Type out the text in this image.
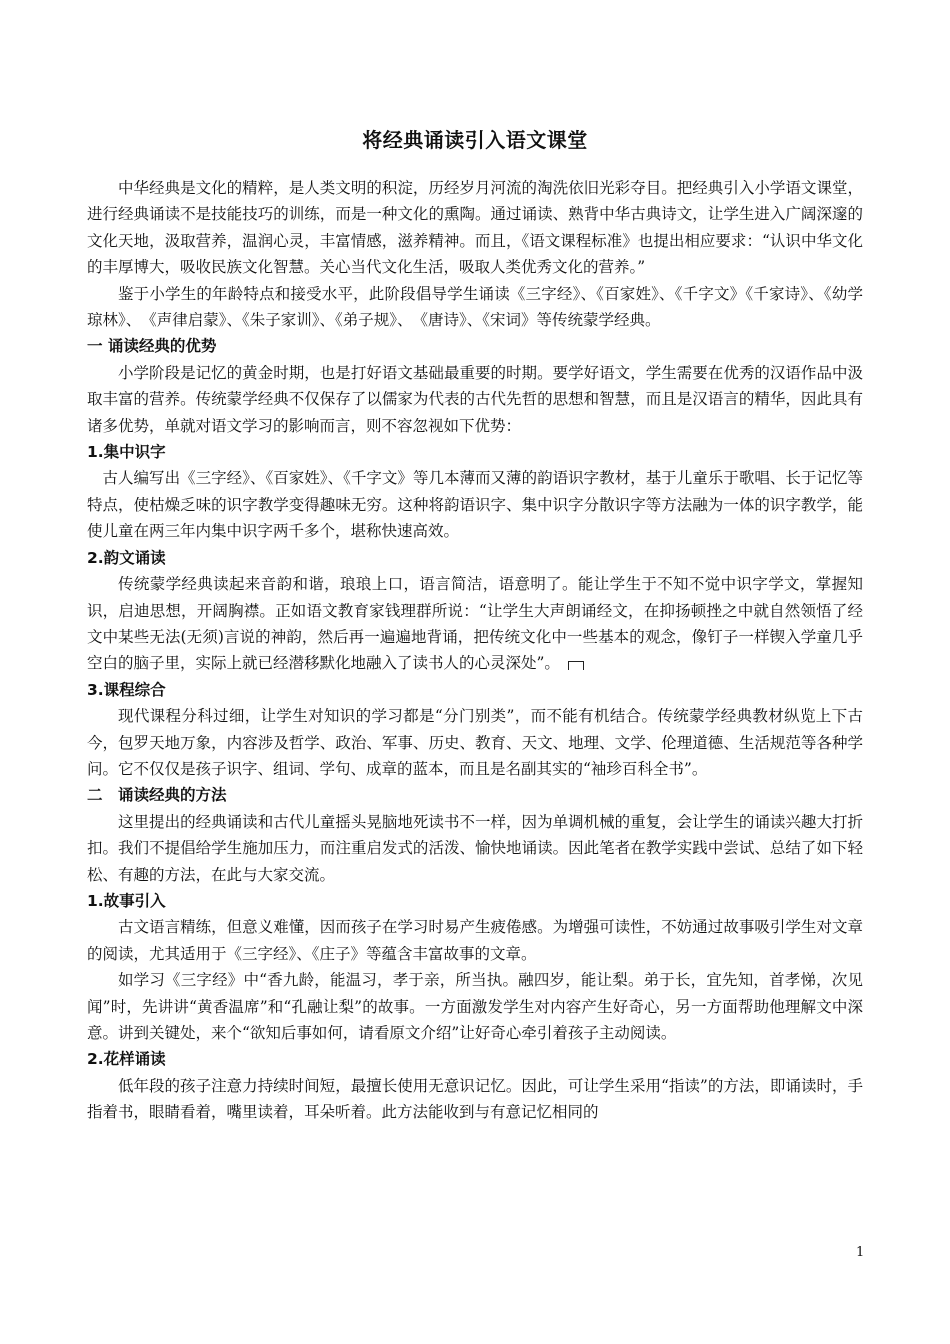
将经典诵读引入语文课堂

中华经典是文化的精粹，是人类文明的积淀，历经岁月河流的淘洗依旧光彩夺目。把经典引入小学语文课堂，进行经典诵读不是技能技巧的训练，而是一种文化的熏陶。通过诵读、熟背中华古典诗文，让学生进入广阔深邃的文化天地，汲取营养，温润心灵，丰富情感，滋养精神。而且，《语文课程标准》也提出相应要求：“认识中华文化的丰厚博大，吸收民族文化智慧。关心当代文化生活，吸取人类优秀文化的营养。”

鉴于小学生的年龄特点和接受水平，此阶段倡导学生诵读《三字经》、《百家姓》、《千字文》《千家诗》、《幼学琼林》、　《声律启蒙》、《朱子家训》、《弟子规》、　《唐诗》、《宋词》等传统蒙学经典。

一 诵读经典的优势

小学阶段是记忆的黄金时期，也是打好语文基础最重要的时期。要学好语文，学生需要在优秀的汉语作品中汲取丰富的营养。传统蒙学经典不仅保存了以儒家为代表的古代先哲的思想和智慧，而且是汉语言的精华，因此具有诸多优势，单就对语文学习的影响而言，则不容忽视如下优势：

1.集中识字

古人编写出《三字经》、《百家姓》、《千字文》等几本薄而又薄的韵语识字教材，基于儿童乐于歌唱、长于记忆等特点，使枯燥乏味的识字教学变得趣味无穷。这种将韵语识字、集中识字分散识字等方法融为一体的识字教学，能使儿童在两三年内集中识字两千多个，堪称快速高效。

2.韵文诵读

传统蒙学经典读起来音韵和谐，琅琅上口，语言简洁，语意明了。能让学生于不知不觉中识字学文，掌握知识，启迪思想，开阔胸襟。正如语文教育家钱理群所说：“让学生大声朗诵经文，在抑扬顿挫之中就自然领悟了经文中某些无法(无须)言说的神韵，然后再一遍遍地背诵，把传统文化中一些基本的观念，像钉子一样锲入学童几乎空白的脑子里，实际上就已经潜移默化地融入了读书人的心灵深处”。

3.课程综合

现代课程分科过细，让学生对知识的学习都是“分门别类”，而不能有机结合。传统蒙学经典教材纵览上下古今，包罗天地万象，内容涉及哲学、政治、军事、历史、教育、天文、地理、文学、伦理道德、生活规范等各种学问。它不仅仅是孩子识字、组词、学句、成章的蓝本，而且是名副其实的“袖珍百科全书”。

二　诵读经典的方法

这里提出的经典诵读和古代儿童摇头晃脑地死读书不一样，因为单调机械的重复，会让学生的诵读兴趣大打折扣。我们不提倡给学生施加压力，而注重启发式的活泼、愉快地诵读。因此笔者在教学实践中尝试、总结了如下轻松、有趣的方法，在此与大家交流。

1.故事引入

古文语言精练，但意义难懂，因而孩子在学习时易产生疲倦感。为增强可读性，不妨通过故事吸引学生对文章的阅读，尤其适用于《三字经》、《庄子》等蕴含丰富故事的文章。

如学习《三字经》中“香九龄，能温习，孝于亲，所当执。融四岁，能让梨。弟于长，宜先知，首孝悌，次见闻”时，先讲讲“黄香温席”和“孔融让梨”的故事。一方面激发学生对内容产生好奇心，另一方面帮助他理解文中深意。讲到关键处，来个“欲知后事如何，请看原文介绍”让好奇心牵引着孩子主动阅读。

2.花样诵读

低年段的孩子注意力持续时间短，最擅长使用无意识记忆。因此，可让学生采用“指读”的方法，即诵读时，手指着书，眼睛看着，嘴里读着，耳朵听着。此方法能收到与有意记忆相同的

1
